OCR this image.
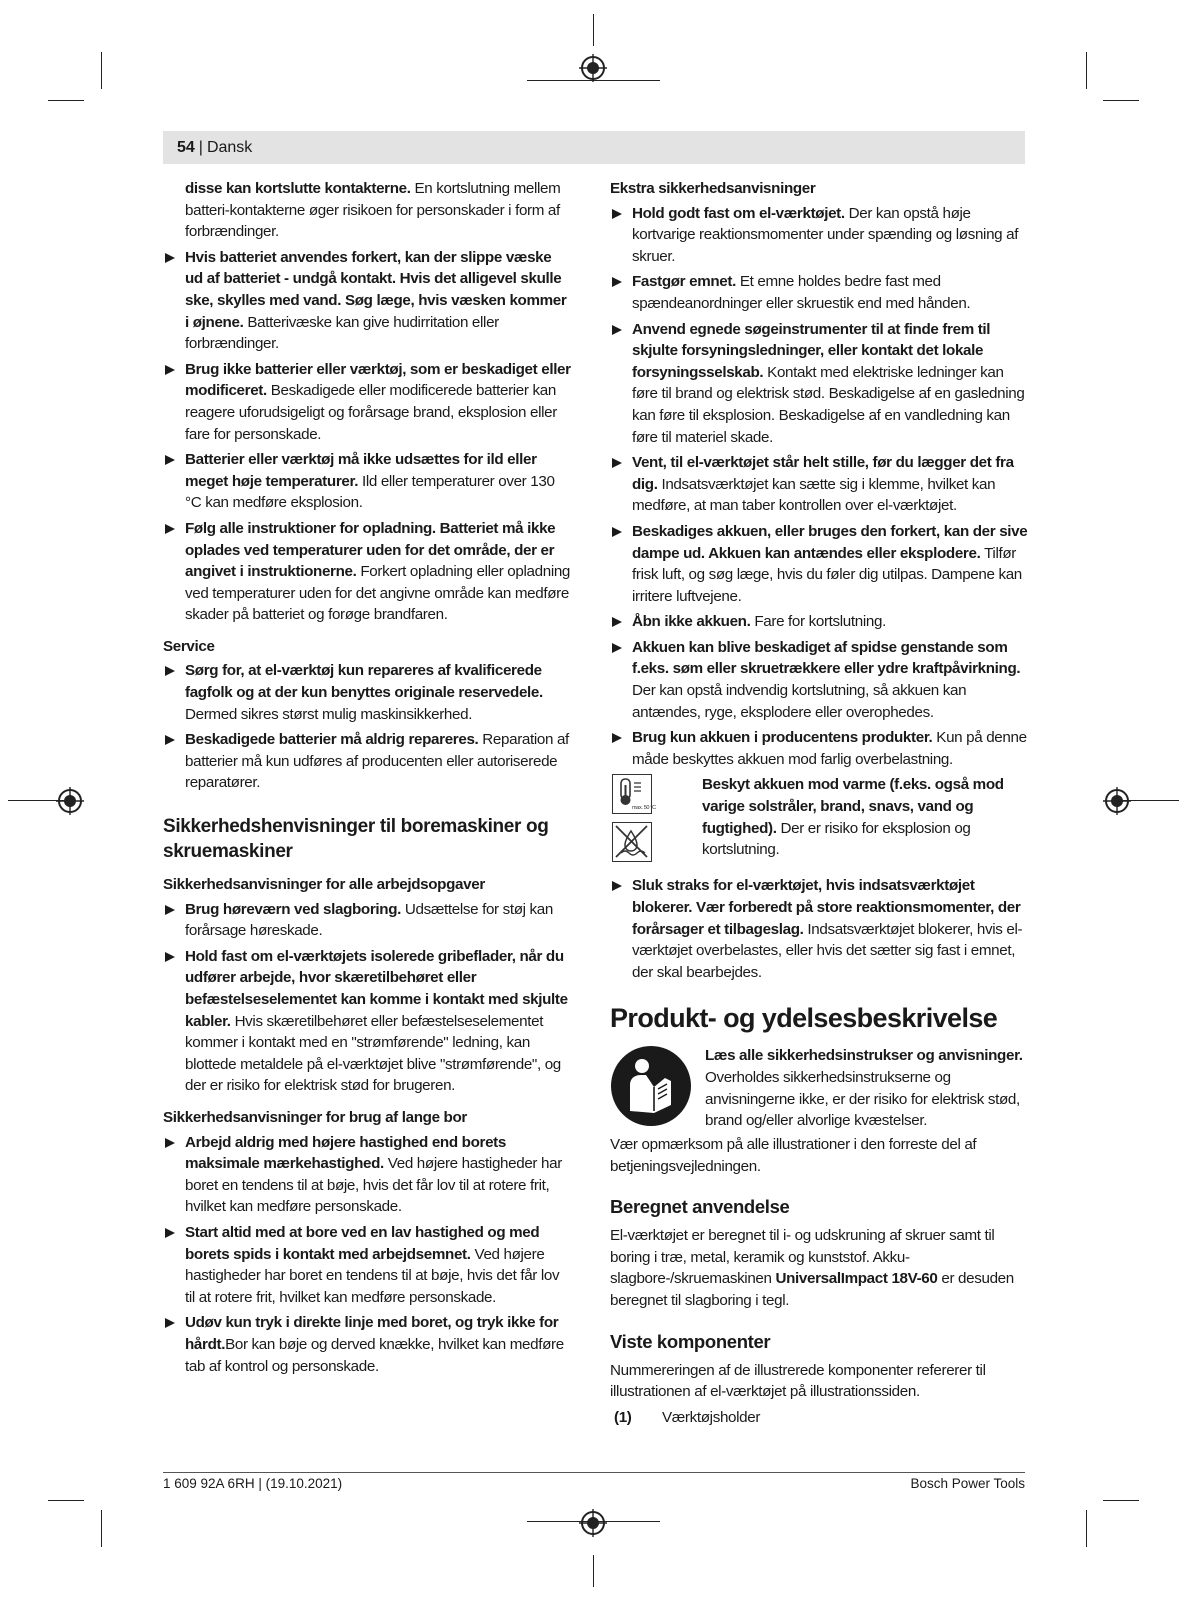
54 | Dansk
disse kan kortslutte kontakterne. En kortslutning mellem batteri-kontakterne øger risikoen for personskader i form af forbrændinger.
Hvis batteriet anvendes forkert, kan der slippe væske ud af batteriet - undgå kontakt. Hvis det alligevel skulle ske, skylles med vand. Søg læge, hvis væsken kommer i øjnene. Batterivæske kan give hudirritation eller forbrændinger.
Brug ikke batterier eller værktøj, som er beskadiget eller modificeret. Beskadigede eller modificerede batterier kan reagere uforudsigeligt og forårsage brand, eksplosion eller fare for personskade.
Batterier eller værktøj må ikke udsættes for ild eller meget høje temperaturer. Ild eller temperaturer over 130 °C kan medføre eksplosion.
Følg alle instruktioner for opladning. Batteriet må ikke oplades ved temperaturer uden for det område, der er angivet i instruktionerne. Forkert opladning eller opladning ved temperaturer uden for det angivne område kan medføre skader på batteriet og forøge brandfaren.
Service
Sørg for, at el-værktøj kun repareres af kvalificerede fagfolk og at der kun benyttes originale reservedele. Dermed sikres størst mulig maskinsikkerhed.
Beskadigede batterier må aldrig repareres. Reparation af batterier må kun udføres af producenten eller autoriserede reparatører.
Sikkerhedshenvisninger til boremaskiner og skruemaskiner
Sikkerhedsanvisninger for alle arbejdsopgaver
Brug høreværn ved slagboring. Udsættelse for støj kan forårsage høreskade.
Hold fast om el-værktøjets isolerede gribeflader, når du udfører arbejde, hvor skæretilbehøret eller befæstelseselementet kan komme i kontakt med skjulte kabler. Hvis skæretilbehøret eller befæstelseselementet kommer i kontakt med en "strømførende" ledning, kan blottede metaldele på el-værktøjet blive "strømførende", og der er risiko for elektrisk stød for brugeren.
Sikkerhedsanvisninger for brug af lange bor
Arbejd aldrig med højere hastighed end borets maksimale mærkehastighed. Ved højere hastigheder har boret en tendens til at bøje, hvis det får lov til at rotere frit, hvilket kan medføre personskade.
Start altid med at bore ved en lav hastighed og med borets spids i kontakt med arbejdsemnet. Ved højere hastigheder har boret en tendens til at bøje, hvis det får lov til at rotere frit, hvilket kan medføre personskade.
Udøv kun tryk i direkte linje med boret, og tryk ikke for hårdt.Bor kan bøje og derved knække, hvilket kan medføre tab af kontrol og personskade.
Ekstra sikkerhedsanvisninger
Hold godt fast om el-værktøjet. Der kan opstå høje kortvarige reaktionsmomenter under spænding og løsning af skruer.
Fastgør emnet. Et emne holdes bedre fast med spændeanordninger eller skruestik end med hånden.
Anvend egnede søgeinstrumenter til at finde frem til skjulte forsyningsledninger, eller kontakt det lokale forsyningsselskab. Kontakt med elektriske ledninger kan føre til brand og elektrisk stød. Beskadigelse af en gasledning kan føre til eksplosion. Beskadigelse af en vandledning kan føre til materiel skade.
Vent, til el-værktøjet står helt stille, før du lægger det fra dig. Indsatsværktøjet kan sætte sig i klemme, hvilket kan medføre, at man taber kontrollen over el-værktøjet.
Beskadiges akkuen, eller bruges den forkert, kan der sive dampe ud. Akkuen kan antændes eller eksplodere. Tilfør frisk luft, og søg læge, hvis du føler dig utilpas. Dampene kan irritere luftvejene.
Åbn ikke akkuen. Fare for kortslutning.
Akkuen kan blive beskadiget af spidse genstande som f.eks. søm eller skruetrækkere eller ydre kraftpåvirkning. Der kan opstå indvendig kortslutning, så akkuen kan antændes, ryge, eksplodere eller overophedes.
Brug kun akkuen i producentens produkter. Kun på denne måde beskyttes akkuen mod farlig overbelastning.
max. 50 °C
Beskyt akkuen mod varme (f.eks. også mod varige solstråler, brand, snavs, vand og fugtighed). Der er risiko for eksplosion og kortslutning.
Sluk straks for el-værktøjet, hvis indsatsværktøjet blokerer. Vær forberedt på store reaktionsmomenter, der forårsager et tilbageslag. Indsatsværktøjet blokerer, hvis el-værktøjet overbelastes, eller hvis det sætter sig fast i emnet, der skal bearbejdes.
Produkt- og ydelsesbeskrivelse
Læs alle sikkerhedsinstrukser og anvisninger. Overholdes sikkerhedsinstrukserne og anvisningerne ikke, er der risiko for elektrisk stød, brand og/eller alvorlige kvæstelser.
Vær opmærksom på alle illustrationer i den forreste del af betjeningsvejledningen.
Beregnet anvendelse
El-værktøjet er beregnet til i- og udskruning af skruer samt til boring i træ, metal, keramik og kunststof. Akku-slagbore-/skruemaskinen UniversalImpact 18V-60 er desuden beregnet til slagboring i tegl.
Viste komponenter
Nummereringen af de illustrerede komponenter refererer til illustrationen af el-værktøjet på illustrationssiden.
(1)	Værktøjsholder
1 609 92A 6RH | (19.10.2021)	Bosch Power Tools
